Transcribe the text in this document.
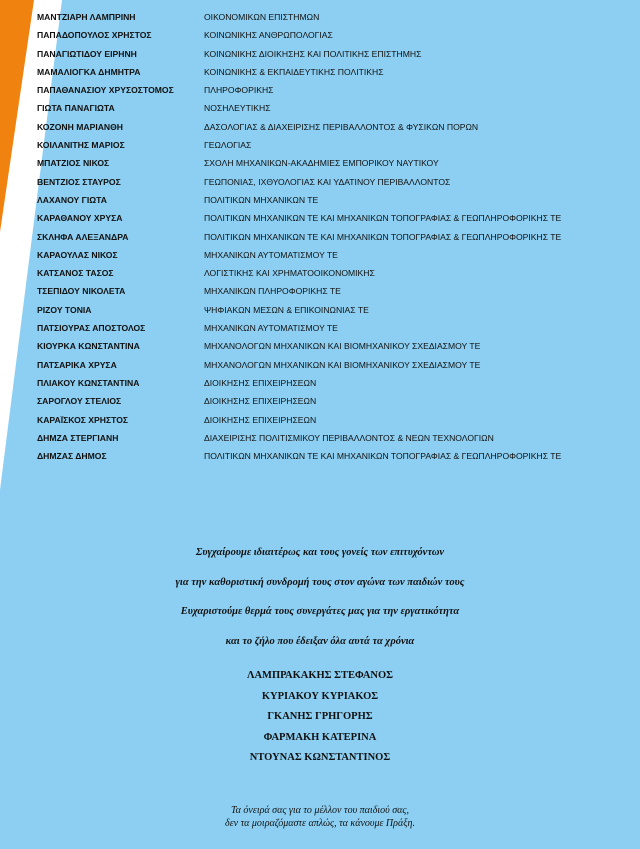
ΜΑΝΤΖΙΑΡΗ ΛΑΜΠΡΙΝΗ	ΟΙΚΟΝΟΜΙΚΩΝ ΕΠΙΣΤΗΜΩΝ
ΠΑΠΑΔΟΠΟΥΛΟΣ ΧΡΗΣΤΟΣ	ΚΟΙΝΩΝΙΚΗΣ ΑΝΘΡΩΠΟΛΟΓΙΑΣ
ΠΑΝΑΓΙΩΤΙΔΟΥ ΕΙΡΗΝΗ	ΚΟΙΝΩΝΙΚΗΣ ΔΙΟΙΚΗΣΗΣ ΚΑΙ ΠΟΛΙΤΙΚΗΣ ΕΠΙΣΤΗΜΗΣ
ΜΑΜΑΛΙΟΓΚΑ ΔΗΜΗΤΡΑ	ΚΟΙΝΩΝΙΚΗΣ & ΕΚΠΑΙΔΕΥΤΙΚΗΣ ΠΟΛΙΤΙΚΗΣ
ΠΑΠΑΘΑΝΑΣΙΟΥ ΧΡΥΣΟΣΤΟΜΟΣ	ΠΛΗΡΟΦΟΡΙΚΗΣ
ΓΙΩΤΑ ΠΑΝΑΓΙΩΤΑ	ΝΟΣΗΛΕΥΤΙΚΗΣ
ΚΟΖΟΝΗ ΜΑΡΙΑΝΘΗ	ΔΑΣΟΛΟΓΙΑΣ & ΔΙΑΧΕΙΡΙΣΗΣ ΠΕΡΙΒΑΛΛΟΝΤΟΣ & ΦΥΣΙΚΩΝ ΠΟΡΩΝ
ΚΟΙΛΑΝΙΤΗΣ ΜΑΡΙΟΣ	ΓΕΩΛΟΓΙΑΣ
ΜΠΑΤΖΙΟΣ ΝΙΚΟΣ	ΣΧΟΛΗ ΜΗΧΑΝΙΚΩΝ-ΑΚΑΔΗΜΙΕΣ ΕΜΠΟΡΙΚΟΥ ΝΑΥΤΙΚΟΥ
ΒΕΝΤΖΙΟΣ ΣΤΑΥΡΟΣ	ΓΕΩΠΟΝΙΑΣ, ΙΧΘΥΟΛΟΓΙΑΣ ΚΑΙ ΥΔΑΤΙΝΟΥ ΠΕΡΙΒΑΛΛΟΝΤΟΣ
ΛΑΧΑΝΟΥ ΓΙΩΤΑ	ΠΟΛΙΤΙΚΩΝ ΜΗΧΑΝΙΚΩΝ ΤΕ
ΚΑΡΑΘΑΝΟΥ ΧΡΥΣΑ	ΠΟΛΙΤΙΚΩΝ ΜΗΧΑΝΙΚΩΝ ΤΕ ΚΑΙ ΜΗΧΑΝΙΚΩΝ ΤΟΠΟΓΡΑΦΙΑΣ & ΓΕΩΠΛΗΡΟΦΟΡΙΚΗΣ ΤΕ
ΣΚΛΗΦΑ ΑΛΕΞΑΝΔΡΑ	ΠΟΛΙΤΙΚΩΝ ΜΗΧΑΝΙΚΩΝ ΤΕ ΚΑΙ ΜΗΧΑΝΙΚΩΝ ΤΟΠΟΓΡΑΦΙΑΣ & ΓΕΩΠΛΗΡΟΦΟΡΙΚΗΣ ΤΕ
ΚΑΡΑΟΥΛΑΣ ΝΙΚΟΣ	ΜΗΧΑΝΙΚΩΝ ΑΥΤΟΜΑΤΙΣΜΟΥ ΤΕ
ΚΑΤΣΑΝΟΣ ΤΑΣΟΣ	ΛΟΓΙΣΤΙΚΗΣ ΚΑΙ ΧΡΗΜΑΤΟΟΙΚΟΝΟΜΙΚΗΣ
ΤΣΕΠΙΔΟΥ ΝΙΚΟΛΕΤΑ	ΜΗΧΑΝΙΚΩΝ ΠΛΗΡΟΦΟΡΙΚΗΣ ΤΕ
ΡΙΖΟΥ ΤΟΝΙΑ	ΨΗΦΙΑΚΩΝ ΜΕΣΩΝ & ΕΠΙΚΟΙΝΩΝΙΑΣ ΤΕ
ΠΑΤΣΙΟΥΡΑΣ ΑΠΟΣΤΟΛΟΣ	ΜΗΧΑΝΙΚΩΝ ΑΥΤΟΜΑΤΙΣΜΟΥ ΤΕ
ΚΙΟΥΡΚΑ ΚΩΝΣΤΑΝΤΙΝΑ	ΜΗΧΑΝΟΛΟΓΩΝ ΜΗΧΑΝΙΚΩΝ ΚΑΙ ΒΙΟΜΗΧΑΝΙΚΟΥ ΣΧΕΔΙΑΣΜΟΥ ΤΕ
ΠΑΤΣΑΡΙΚΑ ΧΡΥΣΑ	ΜΗΧΑΝΟΛΟΓΩΝ ΜΗΧΑΝΙΚΩΝ ΚΑΙ ΒΙΟΜΗΧΑΝΙΚΟΥ ΣΧΕΔΙΑΣΜΟΥ ΤΕ
ΠΛΙΑΚΟΥ ΚΩΝΣΤΑΝΤΙΝΑ	ΔΙΟΙΚΗΣΗΣ ΕΠΙΧΕΙΡΗΣΕΩΝ
ΣΑΡΟΓΛΟΥ ΣΤΕΛΙΟΣ	ΔΙΟΙΚΗΣΗΣ ΕΠΙΧΕΙΡΗΣΕΩΝ
ΚΑΡΑΪΣΚΟΣ ΧΡΗΣΤΟΣ	ΔΙΟΙΚΗΣΗΣ ΕΠΙΧΕΙΡΗΣΕΩΝ
ΔΗΜΖΑ ΣΤΕΡΓΙΑΝΗ	ΔΙΑΧΕΙΡΙΣΗΣ ΠΟΛΙΤΙΣΜΙΚΟΥ ΠΕΡΙΒΑΛΛΟΝΤΟΣ & ΝΕΩΝ ΤΕΧΝΟΛΟΓΙΩΝ
ΔΗΜΖΑΣ ΔΗΜΟΣ	ΠΟΛΙΤΙΚΩΝ ΜΗΧΑΝΙΚΩΝ ΤΕ ΚΑΙ ΜΗΧΑΝΙΚΩΝ ΤΟΠΟΓΡΑΦΙΑΣ & ΓΕΩΠΛΗΡΟΦΟΡΙΚΗΣ ΤΕ
Συγχαίρουμε ιδιαιτέρως και τους γονείς των επιτυχόντων
για την καθοριστική συνδρομή τους στον αγώνα των παιδιών τους
Ευχαριστούμε θερμά τους συνεργάτες μας για την εργατικότητα
και το ζήλο που έδειξαν όλα αυτά τα χρόνια
ΛΑΜΠΡΑΚΑΚΗΣ ΣΤΕΦΑΝΟΣ
ΚΥΡΙΑΚΟΥ ΚΥΡΙΑΚΟΣ
ΓΚΑΝΗΣ ΓΡΗΓΟΡΗΣ
ΦΑΡΜΑΚΗ ΚΑΤΕΡΙΝΑ
ΝΤΟΥΝΑΣ ΚΩΝΣΤΑΝΤΙΝΟΣ
Τα όνειρά σας για το μέλλον του παιδιού σας,
δεν τα μοιραζόμαστε απλώς, τα κάνουμε Πράξη.
